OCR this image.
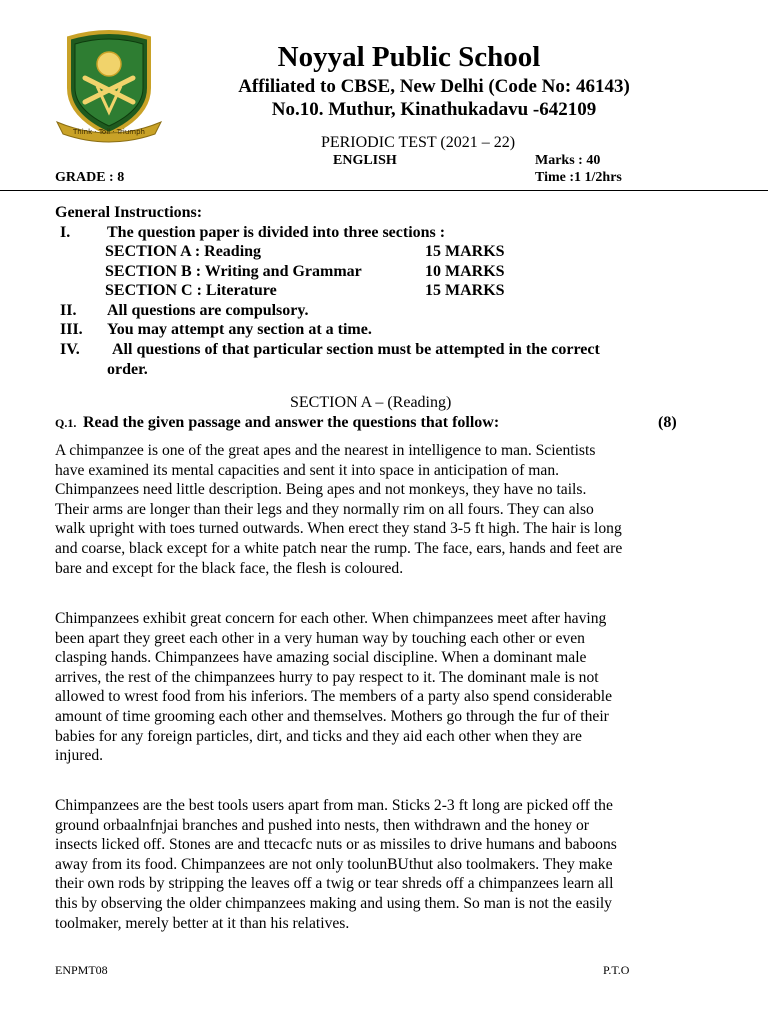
Think · Toil · Triumph
Noyyal Public School
Affiliated to CBSE, New Delhi (Code No: 46143)
No.10. Muthur, Kinathukadavu -642109
PERIODIC TEST (2021 – 22)
ENGLISH	Marks : 40
GRADE : 8	Time :1 1/2hrs
General Instructions:
I. The question paper is divided into three sections :
SECTION A : Reading	15 MARKS
SECTION B : Writing and Grammar	10 MARKS
SECTION C : Literature	15 MARKS
II. All questions are compulsory.
III. You may attempt any section at a time.
IV. All questions of that particular section must be attempted in the correct
order.
SECTION A – (Reading)
Q.1. Read the given passage and answer the questions that follow:	(8)
A chimpanzee is one of the great apes and the nearest in intelligence to man. Scientists
have examined its mental capacities and sent it into space in anticipation of man.
Chimpanzees need little description. Being apes and not monkeys, they have no tails.
Their arms are longer than their legs and they normally rim on all fours. They can also
walk upright with toes turned outwards. When erect they stand 3-5 ft high. The hair is long
and coarse, black except for a white patch near the rump. The face, ears, hands and feet are
bare and except for the black face, the flesh is coloured.
Chimpanzees exhibit great concern for each other. When chimpanzees meet after having
been apart they greet each other in a very human way by touching each other or even
clasping hands. Chimpanzees have amazing social discipline. When a dominant male
arrives, the rest of the chimpanzees hurry to pay respect to it. The dominant male is not
allowed to wrest food from his inferiors. The members of a party also spend considerable
amount of time grooming each other and themselves. Mothers go through the fur of their
babies for any foreign particles, dirt, and ticks and they aid each other when they are
injured.
Chimpanzees are the best tools users apart from man. Sticks 2-3 ft long are picked off the
ground orbaalnfnjai branches and pushed into nests, then withdrawn and the honey or
insects licked off. Stones are and ttecacfc nuts or as missiles to drive humans and baboons
away from its food. Chimpanzees are not only toolunBUthut also toolmakers. They make
their own rods by stripping the leaves off a twig or tear shreds off a chimpanzees learn all
this by observing the older chimpanzees making and using them. So man is not the easily
toolmaker, merely better at it than his relatives.
ENPMT08	P.T.O
